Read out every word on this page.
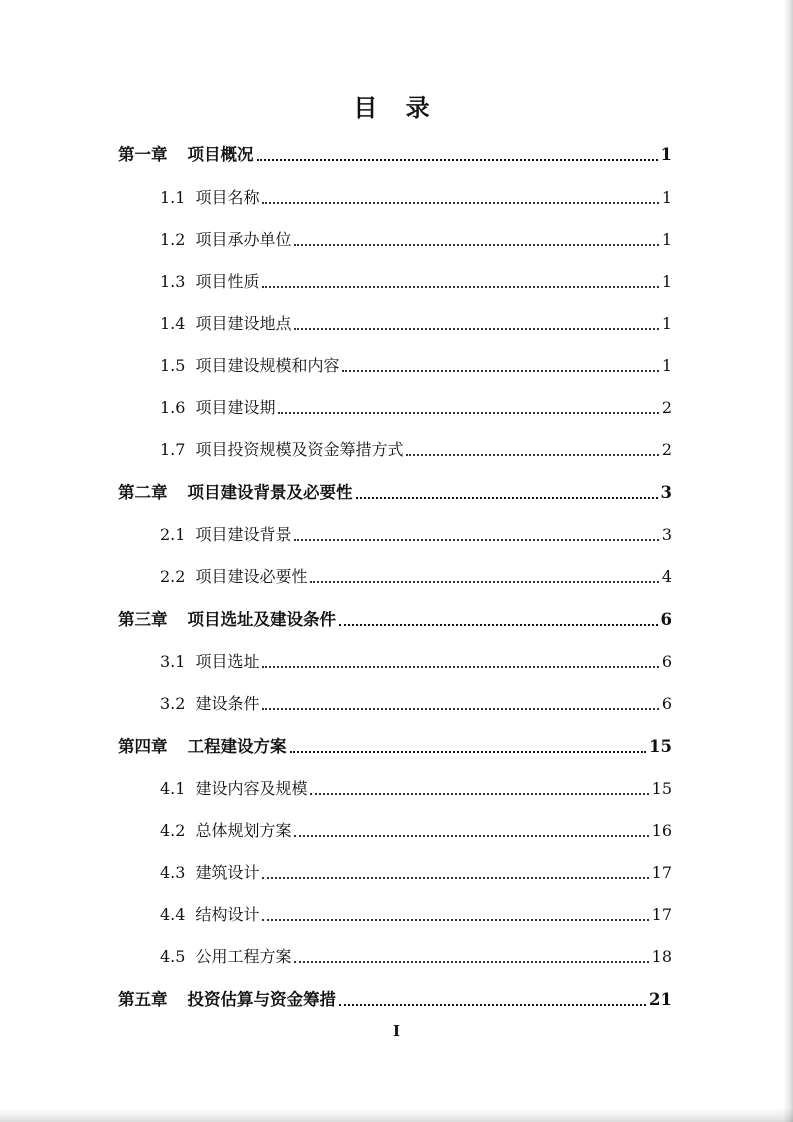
目 录
第一章 项目概况	1
1.1 项目名称	1
1.2 项目承办单位	1
1.3 项目性质	1
1.4 项目建设地点	1
1.5 项目建设规模和内容	1
1.6 项目建设期	2
1.7 项目投资规模及资金筹措方式	2
第二章 项目建设背景及必要性	3
2.1 项目建设背景	3
2.2 项目建设必要性	4
第三章 项目选址及建设条件	6
3.1 项目选址	6
3.2 建设条件	6
第四章 工程建设方案	15
4.1 建设内容及规模	15
4.2 总体规划方案	16
4.3 建筑设计	17
4.4 结构设计	17
4.5 公用工程方案	18
第五章 投资估算与资金筹措	21
I
